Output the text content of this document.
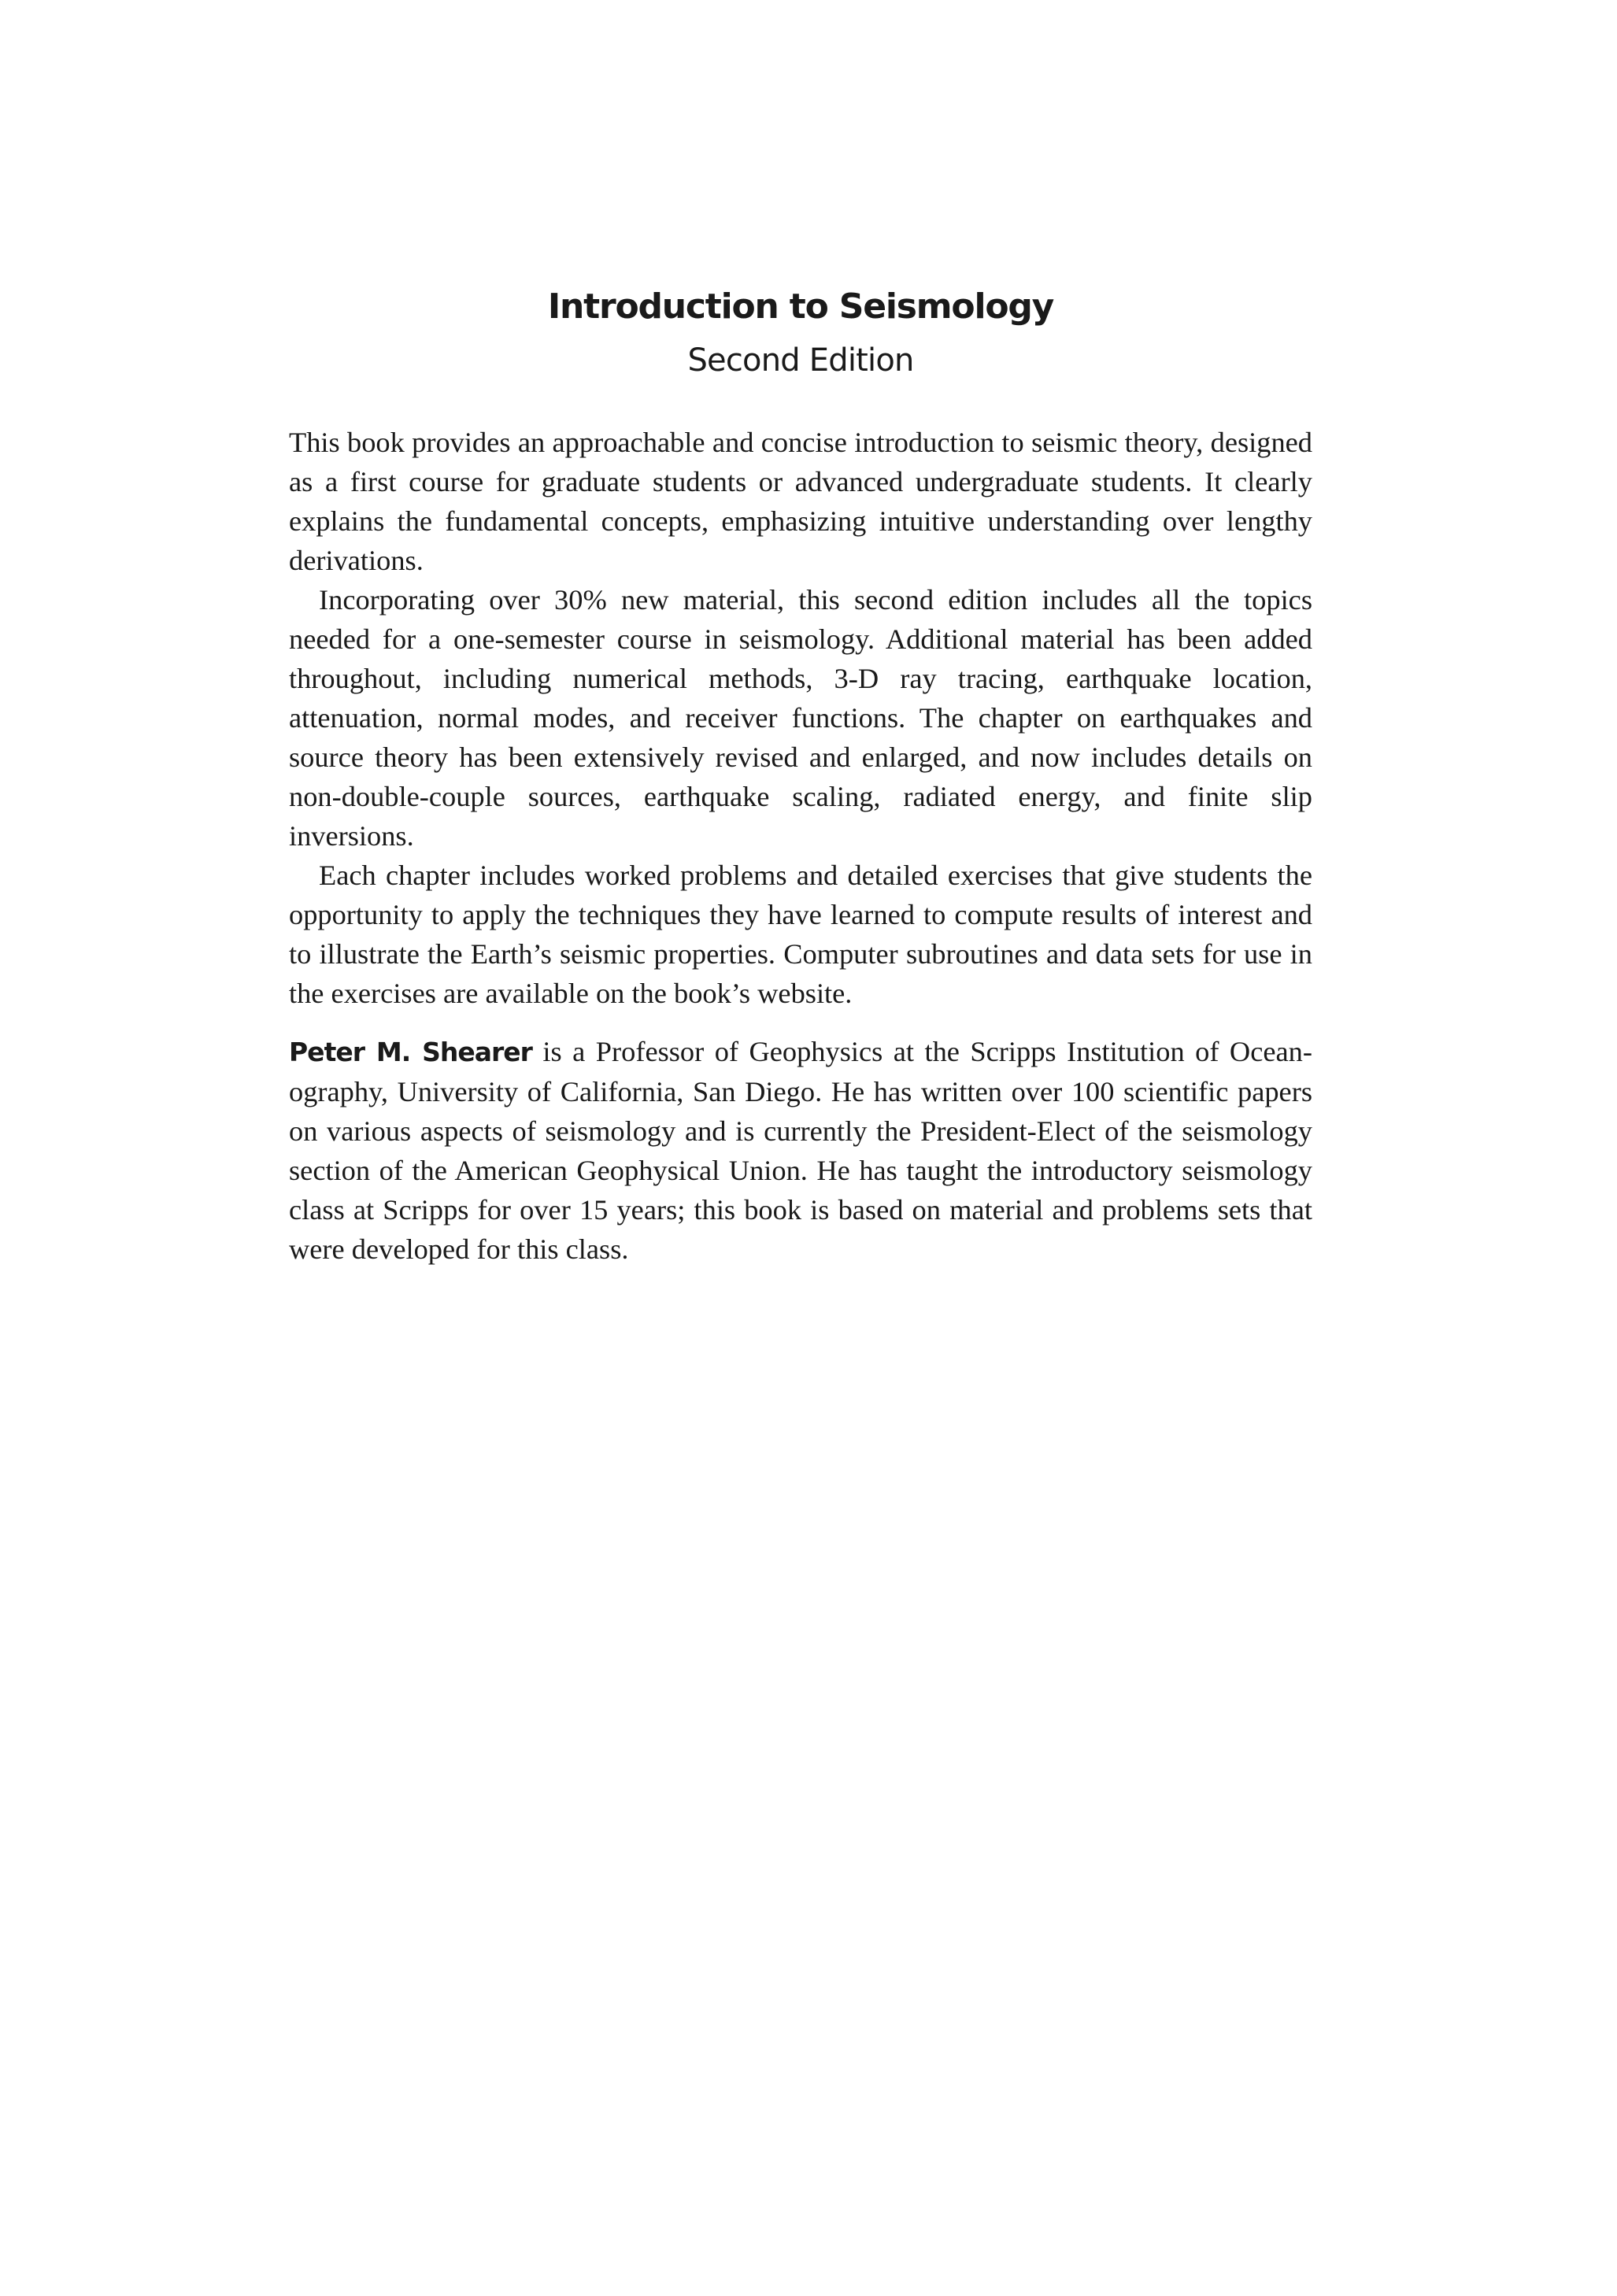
Introduction to Seismology
Second Edition

This book provides an approachable and concise introduction to seismic theory, designed as a first course for graduate students or advanced undergraduate students. It clearly explains the fundamental concepts, emphasizing intuitive understanding over lengthy derivations.

Incorporating over 30% new material, this second edition includes all the topics needed for a one-semester course in seismology. Additional material has been added throughout, including numerical methods, 3-D ray tracing, earthquake location, attenuation, normal modes, and receiver functions. The chapter on earthquakes and source theory has been extensively revised and enlarged, and now includes details on non-double-couple sources, earthquake scaling, radiated energy, and finite slip inversions.

Each chapter includes worked problems and detailed exercises that give students the opportunity to apply the techniques they have learned to compute results of interest and to illustrate the Earth’s seismic properties. Computer subroutines and data sets for use in the exercises are available on the book’s website.

Peter M. Shearer is a Professor of Geophysics at the Scripps Institution of Oceanography, University of California, San Diego. He has written over 100 scientific papers on various aspects of seismology and is currently the President-Elect of the seismology section of the American Geophysical Union. He has taught the introductory seismology class at Scripps for over 15 years; this book is based on material and problems sets that were developed for this class.
